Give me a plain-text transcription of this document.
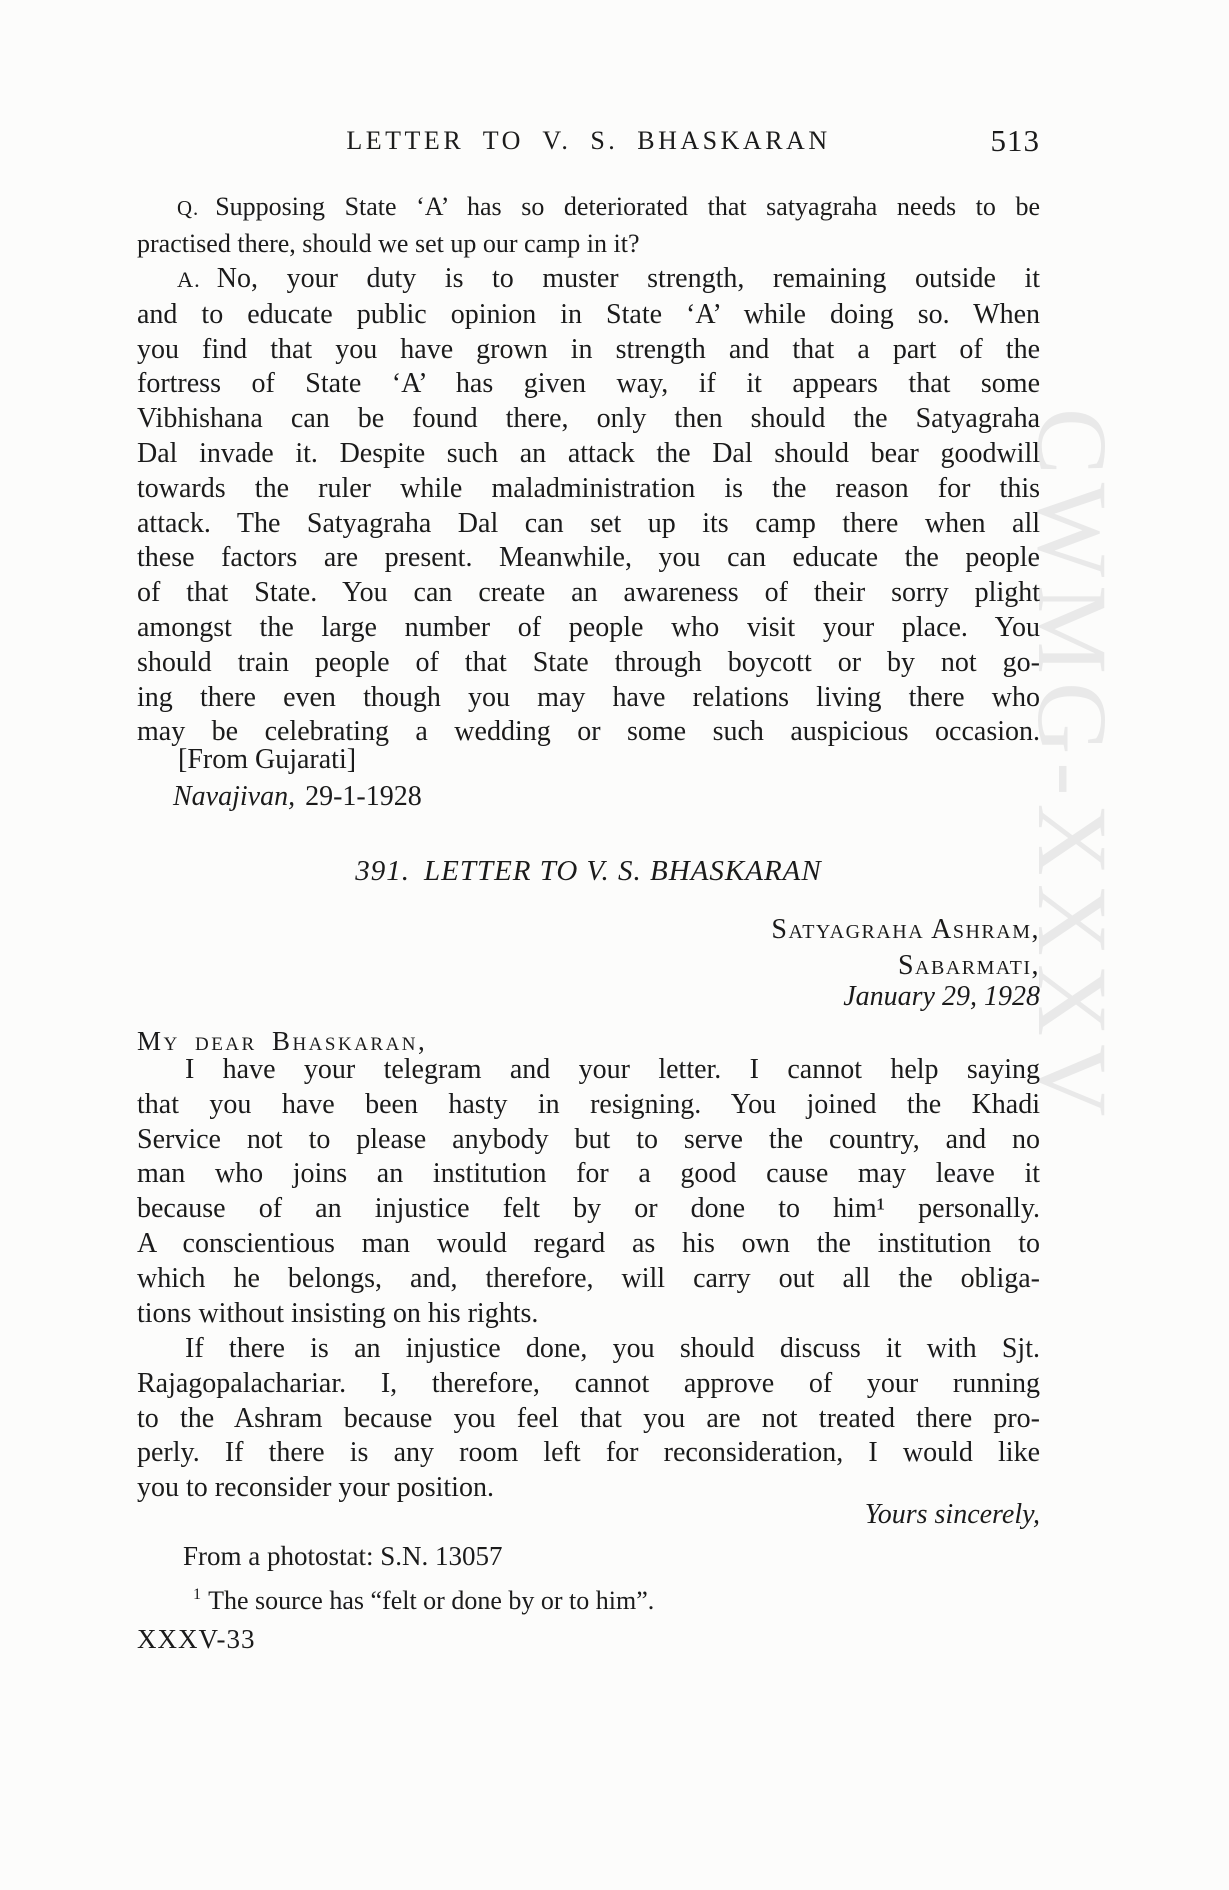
CWMG-XXXV
LETTER TO V. S. BHASKARAN	513
Q. Supposing State ‘A’ has so deteriorated that satyagraha needs to be
practised there, should we set up our camp in it?
A. No, your duty is to muster strength, remaining outside it
and to educate public opinion in State ‘A’ while doing so. When
you find that you have grown in strength and that a part of the
fortress of State ‘A’ has given way, if it appears that some
Vibhishana can be found there, only then should the Satyagraha
Dal invade it. Despite such an attack the Dal should bear goodwill
towards the ruler while maladministration is the reason for this
attack. The Satyagraha Dal can set up its camp there when all
these factors are present. Meanwhile, you can educate the people
of that State. You can create an awareness of their sorry plight
amongst the large number of people who visit your place. You
should train people of that State through boycott or by not go-
ing there even though you may have relations living there who
may be celebrating a wedding or some such auspicious occasion.
[From Gujarati]
Navajivan, 29-1-1928
391. LETTER TO V. S. BHASKARAN
Satyagraha Ashram,
Sabarmati,
January 29, 1928
My dear Bhaskaran,
I have your telegram and your letter. I cannot help saying
that you have been hasty in resigning. You joined the Khadi
Service not to please anybody but to serve the country, and no
man who joins an institution for a good cause may leave it
because of an injustice felt by or done to him¹ personally.
A conscientious man would regard as his own the institution to
which he belongs, and, therefore, will carry out all the obliga-
tions without insisting on his rights.
If there is an injustice done, you should discuss it with Sjt.
Rajagopalachariar. I, therefore, cannot approve of your running
to the Ashram because you feel that you are not treated there pro-
perly. If there is any room left for reconsideration, I would like
you to reconsider your position.
Yours sincerely,
From a photostat: S.N. 13057
$^1$ The source has “felt or done by or to him”.
XXXV-33
